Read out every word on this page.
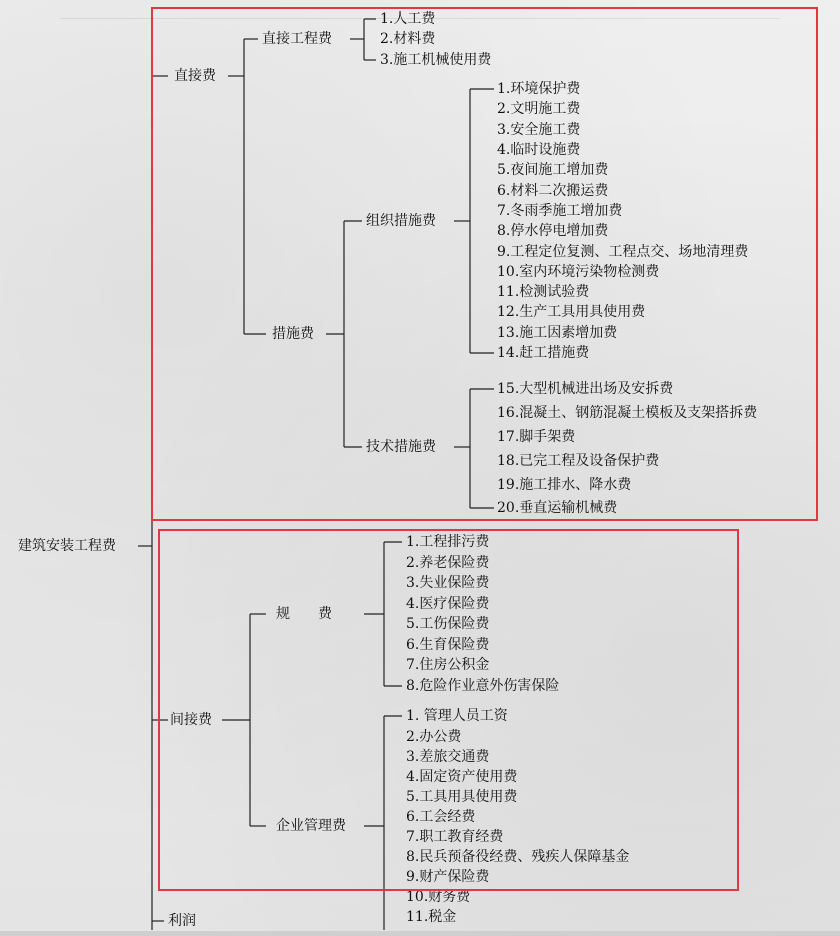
建筑安装工程费
直接费
间接费
利润
直接工程费
措施费
1.人工费
2.材料费
3.施工机械使用费
组织措施费
技术措施费
1.环境保护费
2.文明施工费
3.安全施工费
4.临时设施费
5.夜间施工增加费
6.材料二次搬运费
7.冬雨季施工增加费
8.停水停电增加费
9.工程定位复测、工程点交、场地清理费
10.室内环境污染物检测费
11.检测试验费
12.生产工具用具使用费
13.施工因素增加费
14.赶工措施费
15.大型机械进出场及安拆费
16.混凝土、钢筋混凝土模板及支架搭拆费
17.脚手架费
18.已完工程及设备保护费
19.施工排水、降水费
20.垂直运输机械费
规　　费
企业管理费
1.工程排污费
2.养老保险费
3.失业保险费
4.医疗保险费
5.工伤保险费
6.生育保险费
7.住房公积金
8.危险作业意外伤害保险
1. 管理人员工资
2.办公费
3.差旅交通费
4.固定资产使用费
5.工具用具使用费
6.工会经费
7.职工教育经费
8.民兵预备役经费、残疾人保障基金
9.财产保险费
10.财务费
11.税金
